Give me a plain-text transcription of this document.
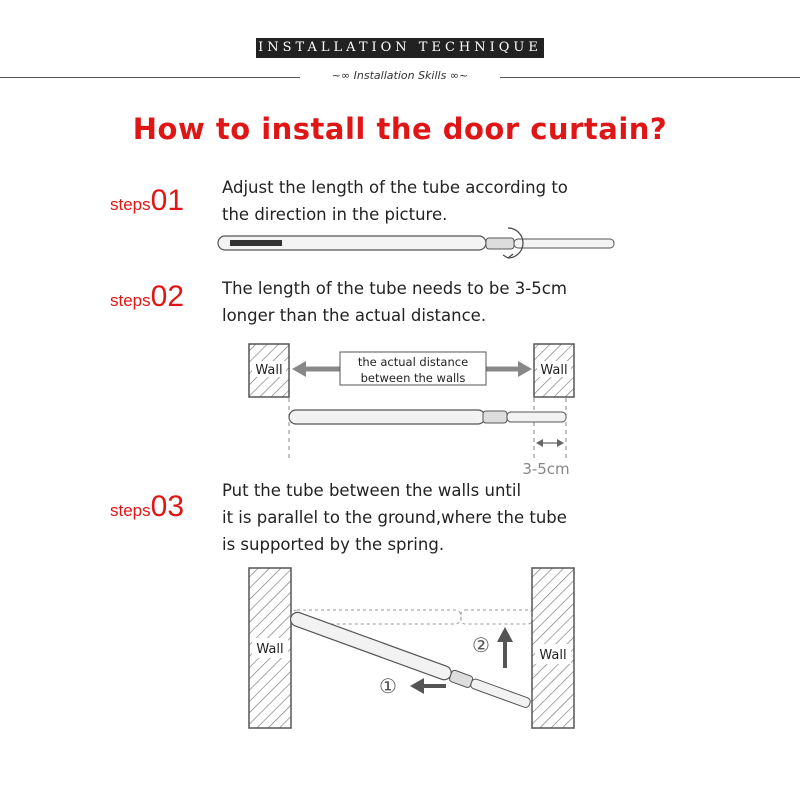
INSTALLATION TECHNIQUE
~∞ Installation Skills ∞~
How to install the door curtain?
steps01 Adjust the length of the tube according to
the direction in the picture.
steps02 The length of the tube needs to be 3-5cm
longer than the actual distance.
Wall	Wall
the actual distance
between the walls
3-5cm
steps03 Put the tube between the walls until
it is parallel to the ground,where the tube
is supported by the spring.
Wall	Wall
①
②
